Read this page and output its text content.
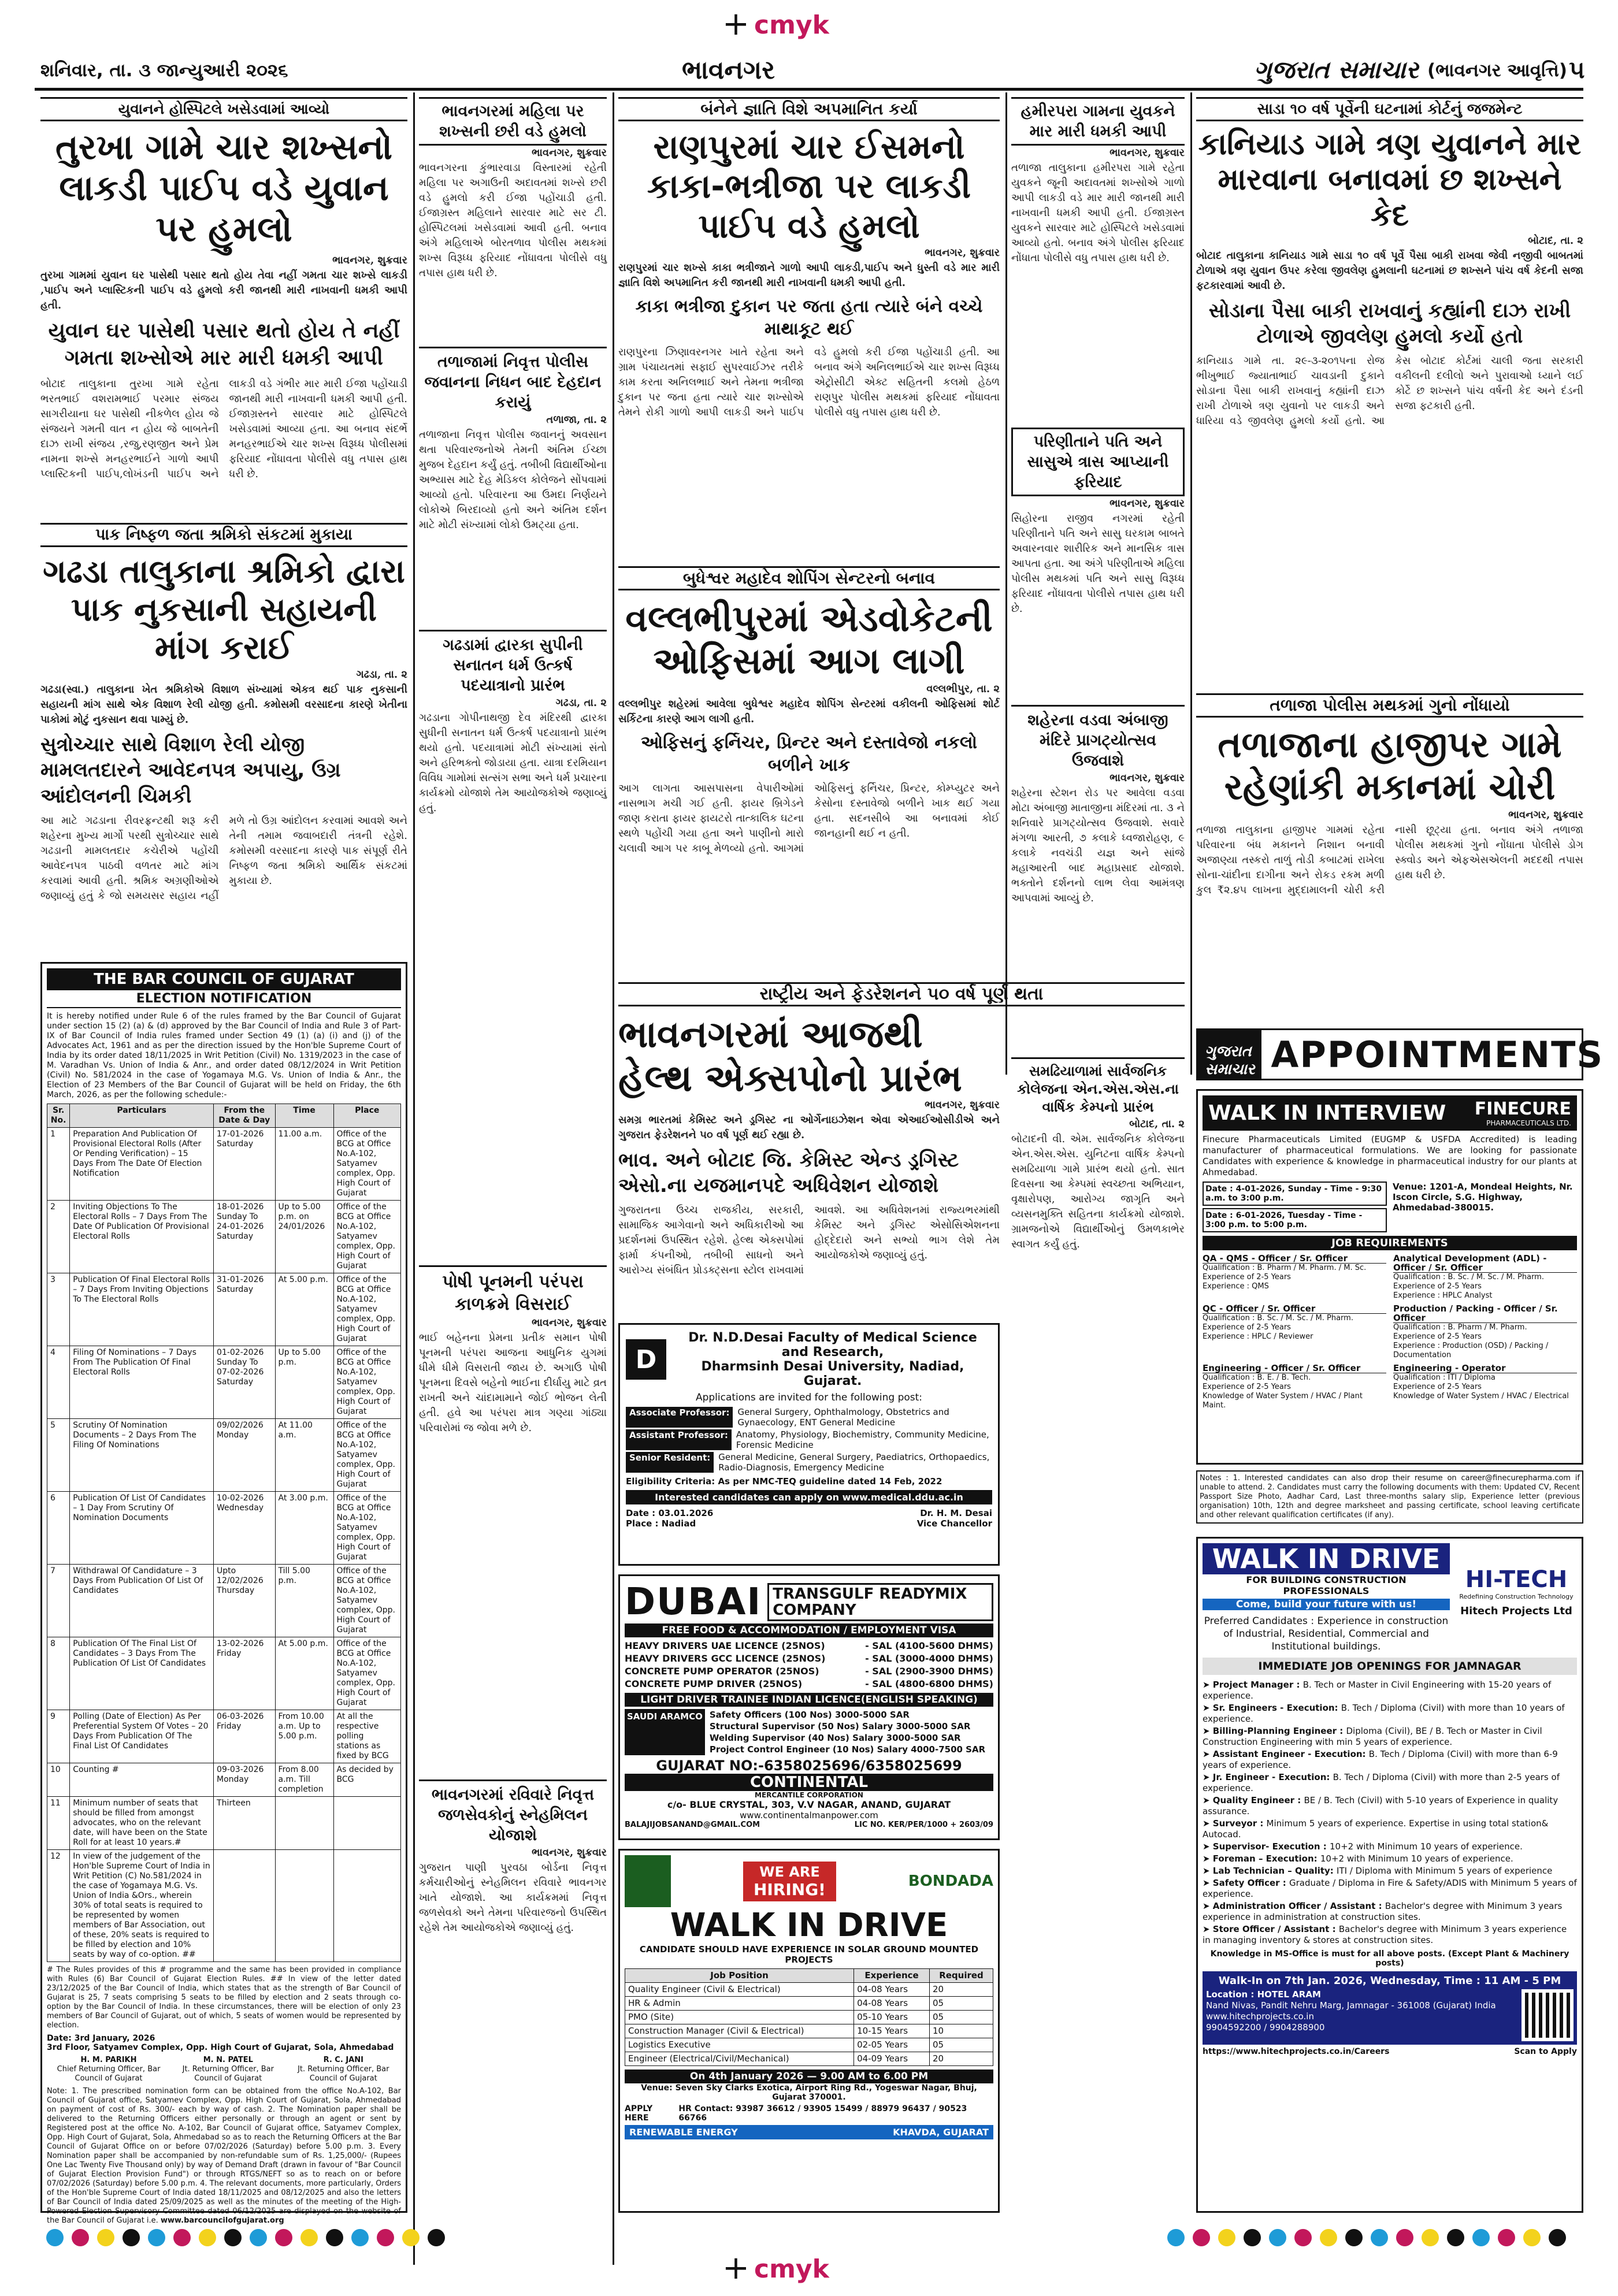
+ cmyk
શનિવાર, તા. ૩ જાન્યુઆરી ૨૦૨૬	ભાવનગર	ગુજરાત સમાચાર (ભાવનગર આવૃત્તિ) ૫
યુવાનને હોસ્પિટલે ખસેડવામાં આવ્યો
તુરખા ગામે ચાર શખ્સનો લાકડી પાઈપ વડે યુવાન પર હુમલો
ભાવનગર, શુક્રવાર
તુરખા ગામમાં યુવાન ઘર પાસેથી પસાર થતો હોય તેવા નહીં ગમતા ચાર શખ્સે લાકડી ,પાઈપ અને પ્લાસ્ટિકની પાઈપ વડે હુમલો કરી જાનથી મારી નાખવાની ધમકી આપી હતી.
યુવાન ઘર પાસેથી પસાર થતો હોય તે નહીં ગમતા શખ્સોએ માર મારી ધમકી આપી
બોટાદ તાલુકાના તુરખા ગામે રહેતા ભરતભાઈ વશરામભાઈ પરમાર સંજય સાગરીયાના ઘર પાસેથી નીકળેલ હોય જે સંજયને ગમતી વાત ન હોય જે બાબતેની દાઝ રાખી સંજય ,રજુ,રણજીત અને પ્રેમ નામના શખ્સે મનહરભાઈને ગાળો આપી પ્લાસ્ટિકની પાઈપ,લોખંડની પાઈપ અને લાકડી વડે ગંભીર માર મારી ઈજા પહોંચાડી જાનથી મારી નાખવાની ધમકી આપી હતી. ઈજાગ્રસ્તને સારવાર માટે હોસ્પિટલે ખસેડવામાં આવ્યા હતા. આ બનાવ સંદર્ભે મનહરભાઈએ ચાર શખ્સ વિરૂધ્ધ પોલીસમાં ફરિયાદ નોંધાવતા પોલીસે વધુ તપાસ હાથ ધરી છે.
પાક નિષ્ફળ જતા શ્રમિકો સંકટમાં મુકાયા
ગઢડા તાલુકાના શ્રમિકો દ્વારા પાક નુકસાની સહાયની માંગ કરાઈ
ગઢડા, તા. ૨
ગઢડા(સ્વા.) તાલુકાના ખેત શ્રમિકોએ વિશાળ સંખ્યામાં એકત્ર થઈ પાક નુકસાની સહાયની માંગ સાથે એક વિશાળ રેલી યોજી હતી. કમોસમી વરસાદના કારણે ખેતીના પાકોમાં મોટું નુકસાન થવા પામ્યું છે.
સુત્રોચ્ચાર સાથે વિશાળ રેલી યોજી મામલતદારને આવેદનપત્ર અપાયુ, ઉગ્ર આંદોલનની ચિમકી
આ માટે ગઢડાના રીવરફ્રન્ટથી શરૂ કરી શહેરના મુખ્ય માર્ગો પરથી સુત્રોચ્ચાર સાથે ગઢડાની મામલતદાર કચેરીએ પહોંચી આવેદનપત્ર પાઠવી વળતર માટે માંગ કરવામાં આવી હતી. શ્રમિક અગ્રણીઓએ જણાવ્યું હતું કે જો સમયસર સહાય નહીં મળે તો ઉગ્ર આંદોલન કરવામાં આવશે અને તેની તમામ જવાબદારી તંત્રની રહેશે. કમોસમી વરસાદના કારણે પાક સંપૂર્ણ રીતે નિષ્ફળ જતા શ્રમિકો આર્થિક સંકટમાં મુકાયા છે.
THE BAR COUNCIL OF GUJARAT
ELECTION NOTIFICATION
It is hereby notified under Rule 6 of the rules framed by the Bar Council of Gujarat under section 15 (2) (a) & (d) approved by the Bar Council of India and Rule 3 of Part-IX of Bar Council of India rules framed under Section 49 (1) (a) (i) and (j) of the Advocates Act, 1961 and as per the direction issued by the Hon'ble Supreme Court of India by its order dated 18/11/2025 in Writ Petition (Civil) No. 1319/2023 in the case of M. Varadhan Vs. Union of India & Anr., and order dated 08/12/2024 in Writ Petition (Civil) No. 581/2024 in the case of Yogamaya M.G. Vs. Union of India & Anr., the Election of 23 Members of the Bar Council of Gujarat will be held on Friday, the 6th March, 2026, as per the following schedule:-
Sr. No.	Particulars	From the Date & Day	Time	Place
1	Preparation And Publication Of Provisional Electoral Rolls (After Or Pending Verification) – 15 Days From The Date Of Election Notification	17-01-2026 Saturday	11.00 a.m.	Office of the BCG at Office No.A-102, Satyamev complex, Opp. High Court of Gujarat
2	Inviting Objections To The Electoral Rolls – 7 Days From The Date Of Publication Of Provisional Electoral Rolls	18-01-2026 Sunday To 24-01-2026 Saturday	Up to 5.00 p.m. on 24/01/2026	Office of the BCG at Office No.A-102, Satyamev complex, Opp. High Court of Gujarat
3	Publication Of Final Electoral Rolls – 7 Days From Inviting Objections To The Electoral Rolls	31-01-2026 Saturday	At 5.00 p.m.	Office of the BCG at Office No.A-102, Satyamev complex, Opp. High Court of Gujarat
4	Filing Of Nominations – 7 Days From The Publication Of Final Electoral Rolls	01-02-2026 Sunday To 07-02-2026 Saturday	Up to 5.00 p.m.	Office of the BCG at Office No.A-102, Satyamev complex, Opp. High Court of Gujarat
5	Scrutiny Of Nomination Documents – 2 Days From The Filing Of Nominations	09/02/2026 Monday	At 11.00 a.m.	Office of the BCG at Office No.A-102, Satyamev complex, Opp. High Court of Gujarat
6	Publication Of List Of Candidates – 1 Day From Scrutiny Of Nomination Documents	10-02-2026 Wednesday	At 3.00 p.m.	Office of the BCG at Office No.A-102, Satyamev complex, Opp. High Court of Gujarat
7	Withdrawal Of Candidature – 3 Days From Publication Of List Of Candidates	Upto 12/02/2026 Thursday	Till 5.00 p.m.	Office of the BCG at Office No.A-102, Satyamev complex, Opp. High Court of Gujarat
8	Publication Of The Final List Of Candidates – 3 Days From The Publication Of List Of Candidates	13-02-2026 Friday	At 5.00 p.m.	Office of the BCG at Office No.A-102, Satyamev complex, Opp. High Court of Gujarat
9	Polling (Date of Election) As Per Preferential System Of Votes – 20 Days From Publication Of The Final List Of Candidates	06-03-2026 Friday	From 10.00 a.m. Up to 5.00 p.m.	At all the respective polling stations as fixed by BCG
10	Counting #	09-03-2026 Monday	From 8.00 a.m. Till completion	As decided by BCG
11	Minimum number of seats that should be filled from amongst advocates, who on the relevant date, will have been on the State Roll for at least 10 years.#	Thirteen		
12	In view of the judgement of the Hon'ble Supreme Court of India in Writ Petition (C) No.581/2024 in the case of Yogamaya M.G. Vs. Union of India &Ors., wherein 30% of total seats is required to be represented by women members of Bar Association, out of these, 20% seats is required to be filled by election and 10% seats by way of co-option. ##			
# The Rules provides of this # programme and the same has been provided in compliance with Rules (6) Bar Council of Gujarat Election Rules. ## In view of the letter dated 23/12/2025 of the Bar Council of India, which states that as the strength of Bar Council of Gujarat is 25, 7 seats comprising 5 seats to be filled by election and 2 seats through co-option by the Bar Council of India. In these circumstances, there will be election of only 23 members of Bar Council of Gujarat, out of which, 5 seats of women would be represented by election.
Date: 3rd January, 2026
3rd Floor, Satyamev Complex, Opp. High Court of Gujarat, Sola, Ahmedabad
H. M. PARIKH
Chief Returning Officer, Bar Council of Gujarat
M. N. PATEL
Jt. Returning Officer, Bar Council of Gujarat
R. C. JANI
Jt. Returning Officer, Bar Council of Gujarat
Note: 1. The prescribed nomination form can be obtained from the office No.A-102, Bar Council of Gujarat office, Satyamev Complex, Opp. High Court of Gujarat, Sola, Ahmedabad on payment of cost of Rs. 300/- each by way of cash. 2. The Nomination paper shall be delivered to the Returning Officers either personally or through an agent or sent by Registered post at the office No. A-102, Bar Council of Gujarat office, Satyamev Complex, Opp. High Court of Gujarat, Sola, Ahmedabad so as to reach the Returning Officers at the Bar Council of Gujarat Office on or before 07/02/2026 (Saturday) before 5.00 p.m. 3. Every Nomination paper shall be accompanied by non-refundable sum of Rs. 1,25,000/- (Rupees One Lac Twenty Five Thousand only) by way of Demand Draft (drawn in favour of "Bar Council of Gujarat Election Provision Fund") or through RTGS/NEFT so as to reach on or before 07/02/2026 (Saturday) before 5.00 p.m. 4. The relevant documents, more particularly, Orders of the Hon'ble Supreme Court of India dated 18/11/2025 and 08/12/2025 and also the letters of Bar Council of India dated 25/09/2025 as well as the minutes of the meeting of the High-Powered Election Supervisory Committee dated 06/12/2025 are displayed on the website of the Bar Council of Gujarat i.e. www.barcouncilofgujarat.org
ભાવનગરમાં મહિલા પર શખ્સની છરી વડે હુમલો
ભાવનગર, શુક્રવાર
ભાવનગરના કુંભારવાડા વિસ્તારમાં રહેતી મહિલા પર અગાઉની અદાવતમાં શખ્સે છરી વડે હુમલો કરી ઈજા પહોંચાડી હતી. ઈજાગ્રસ્ત મહિલાને સારવાર માટે સર ટી. હોસ્પિટલમાં ખસેડવામાં આવી હતી. બનાવ અંગે મહિલાએ બોરતળાવ પોલીસ મથકમાં શખ્સ વિરૂધ્ધ ફરિયાદ નોંધાવતા પોલીસે વધુ તપાસ હાથ ધરી છે.
તળાજામાં નિવૃત્ત પોલીસ જવાનના નિધન બાદ દેહદાન કરાયું
તળાજા, તા. ૨
તળાજાના નિવૃત્ત પોલીસ જવાનનું અવસાન થતા પરિવારજનોએ તેમની અંતિમ ઈચ્છા મુજબ દેહદાન કર્યું હતું. તબીબી વિદ્યાર્થીઓના અભ્યાસ માટે દેહ મેડિકલ કોલેજને સોંપવામાં આવ્યો હતો. પરિવારના આ ઉમદા નિર્ણયને લોકોએ બિરદાવ્યો હતો અને અંતિમ દર્શન માટે મોટી સંખ્યામાં લોકો ઉમટ્યા હતા.
ગઢડામાં દ્વારકા સુપીની સનાતન ધર્મ ઉત્કર્ષ પદયાત્રાનો પ્રારંભ
ગઢડા, તા. ૨
ગઢડાના ગોપીનાથજી દેવ મંદિરથી દ્વારકા સુધીની સનાતન ધર્મ ઉત્કર્ષ પદયાત્રાનો પ્રારંભ થયો હતો. પદયાત્રામાં મોટી સંખ્યામાં સંતો અને હરિભક્તો જોડાયા હતા. યાત્રા દરમિયાન વિવિધ ગામોમાં સત્સંગ સભા અને ધર્મ પ્રચારના કાર્યક્રમો યોજાશે તેમ આયોજકોએ જણાવ્યું હતું.
પોષી પૂનમની પરંપરા કાળક્રમે વિસરાઈ
ભાવનગર, શુક્રવાર
ભાઈ બહેનના પ્રેમના પ્રતીક સમાન પોષી પૂનમની પરંપરા આજના આધુનિક યુગમાં ધીમે ધીમે વિસરાતી જાય છે. અગાઉ પોષી પૂનમના દિવસે બહેનો ભાઈના દીર્ઘાયુ માટે વ્રત રાખતી અને ચાંદામામાને જોઈ ભોજન લેતી હતી. હવે આ પરંપરા માત્ર ગણ્યા ગાંઠ્યા પરિવારોમાં જ જોવા મળે છે.
ભાવનગરમાં રવિવારે નિવૃત્ત જળસેવકોનું સ્નેહમિલન યોજાશે
ભાવનગર, શુક્રવાર
ગુજરાત પાણી પુરવઠા બોર્ડના નિવૃત્ત કર્મચારીઓનું સ્નેહમિલન રવિવારે ભાવનગર ખાતે યોજાશે. આ કાર્યક્રમમાં નિવૃત્ત જળસેવકો અને તેમના પરિવારજનો ઉપસ્થિત રહેશે તેમ આયોજકોએ જણાવ્યું હતું.
બંનેને જ્ઞાતિ વિશે અપમાનિત કર્યા
રાણપુરમાં ચાર ઈસમનો કાકા-ભત્રીજા પર લાકડી પાઈપ વડે હુમલો
ભાવનગર, શુક્રવાર
રાણપુરમાં ચાર શખ્સે કાકા ભત્રીજાને ગાળો આપી લાકડી,પાઈપ અને ધુસ્તી વડે માર મારી જ્ઞાતિ વિશે અપમાનિત કરી જાનથી મારી નાખવાની ધમકી આપી હતી.
કાકા ભત્રીજા દુકાન પર જતા હતા ત્યારે બંને વચ્ચે માથાકૂટ થઈ
રાણપુરના ઝિણાવરનગર ખાતે રહેતા અને ગ્રામ પંચાયતમાં સફાઈ સુપરવાઈઝર તરીકે કામ કરતા અનિલભાઈ અને તેમના ભત્રીજા દુકાન પર જતા હતા ત્યારે ચાર શખ્સોએ તેમને રોકી ગાળો આપી લાકડી અને પાઈપ વડે હુમલો કરી ઈજા પહોંચાડી હતી. આ બનાવ અંગે અનિલભાઈએ ચાર શખ્સ વિરૂધ્ધ એટ્રોસીટી એક્ટ સહિતની કલમો હેઠળ રાણપુર પોલીસ મથકમાં ફરિયાદ નોંધાવતા પોલીસે વધુ તપાસ હાથ ધરી છે.
બુધેશ્વર મહાદેવ શોપિંગ સેન્ટરનો બનાવ
વલ્લભીપુરમાં એડવોકેટની ઓફિસમાં આગ લાગી
વલ્લભીપુર, તા. ૨
વલ્લભીપુર શહેરમાં આવેલા બુધેશ્વર મહાદેવ શોપિંગ સેન્ટરમાં વકીલની ઓફિસમાં શોર્ટ સર્કિટના કારણે આગ લાગી હતી.
ઓફિસનું ફર્નિચર, પ્રિન્ટર અને દસ્તાવેજો નકલો બળીને ખાક
આગ લાગતા આસપાસના વેપારીઓમાં નાસભાગ મચી ગઈ હતી. ફાયર બ્રિગેડને જાણ કરાતા ફાયર ફાયટરો તાત્કાલિક ઘટના સ્થળે પહોંચી ગયા હતા અને પાણીનો મારો ચલાવી આગ પર કાબૂ મેળવ્યો હતો. આગમાં ઓફિસનું ફર્નિચર, પ્રિન્ટર, કોમ્પ્યુટર અને કેસોના દસ્તાવેજો બળીને ખાક થઈ ગયા હતા. સદનસીબે આ બનાવમાં કોઈ જાનહાની થઈ ન હતી.
હમીરપરા ગામના યુવકને માર મારી ધમકી આપી
ભાવનગર, શુક્રવાર
તળાજા તાલુકાના હમીરપરા ગામે રહેતા યુવકને જૂની અદાવતમાં શખ્સોએ ગાળો આપી લાકડી વડે માર મારી જાનથી મારી નાખવાની ધમકી આપી હતી. ઈજાગ્રસ્ત યુવકને સારવાર માટે હોસ્પિટલે ખસેડવામાં આવ્યો હતો. બનાવ અંગે પોલીસ ફરિયાદ નોંધાતા પોલીસે વધુ તપાસ હાથ ધરી છે.
પરિણીતાને પતિ અને સાસુએ ત્રાસ આપ્યાની ફરિયાદ
ભાવનગર, શુક્રવાર
સિહોરના રાજીવ નગરમાં રહેતી પરિણીતાને પતિ અને સાસુ ઘરકામ બાબતે અવારનવાર શારીરિક અને માનસિક ત્રાસ આપતા હતા. આ અંગે પરિણીતાએ મહિલા પોલીસ મથકમાં પતિ અને સાસુ વિરૂધ્ધ ફરિયાદ નોંધાવતા પોલીસે તપાસ હાથ ધરી છે.
શહેરના વડવા અંબાજી મંદિરે પ્રાગટ્યોત્સવ ઉજવાશે
ભાવનગર, શુક્રવાર
શહેરના સ્ટેશન રોડ પર આવેલા વડવા મોટા અંબાજી માતાજીના મંદિરમાં તા. ૩ ને શનિવારે પ્રાગટ્યોત્સવ ઉજવાશે. સવારે મંગળા આરતી, ૭ કલાકે ધ્વજારોહણ, ૯ કલાકે નવચંડી યજ્ઞ અને સાંજે મહાઆરતી બાદ મહાપ્રસાદ યોજાશે. ભક્તોને દર્શનનો લાભ લેવા આમંત્રણ આપવામાં આવ્યું છે.
રાષ્ટ્રીય અને ફેડરેશનને ૫૦ વર્ષ પૂર્ણ થતા
ભાવનગરમાં આજથી હેલ્થ એક્સપોનો પ્રારંભ
ભાવનગર, શુક્રવાર
સમગ્ર ભારતમાં કેમિસ્ટ અને ડ્રગિસ્ટ ના ઓર્ગેનાઇઝેશન એવા એઆઈઓસીડીએ અને ગુજરાત ફેડરેશનને ૫૦ વર્ષ પૂર્ણ થઈ રહ્યા છે.
ભાવ. અને બોટાદ જિ. કેમિસ્ટ એન્ડ ડ્રગિસ્ટ એસો.ના યજમાનપદે અધિવેશન યોજાશે
ગુજરાતના ઉચ્ચ રાજકીય, સરકારી, સામાજિક આગેવાનો અને અધિકારીઓ આ પ્રદર્શનમાં ઉપસ્થિત રહેશે. હેલ્થ એક્સપોમાં ફાર્મા કંપનીઓ, તબીબી સાધનો અને આરોગ્ય સંબંધિત પ્રોડક્ટ્સના સ્ટોલ રાખવામાં આવશે. આ અધિવેશનમાં રાજ્યભરમાંથી કેમિસ્ટ અને ડ્રગિસ્ટ એસોસિએશનના હોદ્દેદારો અને સભ્યો ભાગ લેશે તેમ આયોજકોએ જણાવ્યું હતું.
સમઢિયાળામાં સાર્વજનિક કોલેજના એન.એસ.એસ.ના વાર્ષિક કેમ્પનો પ્રારંભ
બોટાદ, તા. ૨
બોટાદની વી. એમ. સાર્વજનિક કોલેજના એન.એસ.એસ. યુનિટના વાર્ષિક કેમ્પનો સમઢિયાળા ગામે પ્રારંભ થયો હતો. સાત દિવસના આ કેમ્પમાં સ્વચ્છતા અભિયાન, વૃક્ષારોપણ, આરોગ્ય જાગૃતિ અને વ્યસનમુક્તિ સહિતના કાર્યક્રમો યોજાશે. ગ્રામજનોએ વિદ્યાર્થીઓનું ઉમળકાભેર સ્વાગત કર્યું હતું.
D
Dr. N.D.Desai Faculty of Medical Science and Research,
Dharmsinh Desai University, Nadiad, Gujarat.
Applications are invited for the following post:
Associate Professor: General Surgery, Ophthalmology, Obstetrics and Gynaecology, ENT General Medicine
Assistant Professor: Anatomy, Physiology, Biochemistry, Community Medicine, Forensic Medicine
Senior Resident: General Medicine, General Surgery, Paediatrics, Orthopaedics, Radio-Diagnosis, Emergency Medicine
Eligibility Criteria: As per NMC-TEQ guideline dated 14 Feb, 2022
Interested candidates can apply on www.medical.ddu.ac.in
Date : 03.01.2026
Place : Nadiad
Dr. H. M. Desai
Vice Chancellor
DUBAI TRANSGULF READYMIX COMPANY
FREE FOOD & ACCOMMODATION / EMPLOYMENT VISA
HEAVY DRIVERS UAE LICENCE (25NOS)	- SAL (4100-5600 DHMS)
HEAVY DRIVERS GCC LICENCE (25NOS)	- SAL (3000-4000 DHMS)
CONCRETE PUMP OPERATOR (25NOS)	- SAL (2900-3900 DHMS)
CONCRETE PUMP DRIVER (25NOS)	- SAL (4800-6800 DHMS)
LIGHT DRIVER TRAINEE INDIAN LICENCE(ENGLISH SPEAKING)
SAUDI ARAMCO Safety Officers (100 Nos) 3000-5000 SAR
Structural Supervisor (50 Nos) Salary 3000-5000 SAR
Welding Supervisor (40 Nos) Salary 3000-5000 SAR
Project Control Engineer (10 Nos) Salary 4000-7500 SAR
GUJARAT NO:-6358025696/6358025699
CONTINENTAL
MERCANTILE CORPORATION
c/o- BLUE CRYSTAL, 303, V.V NAGAR, ANAND, GUJARAT
www.continentalmanpower.com
BALAJIJOBSANAND@GMAIL.COM	LIC NO. KER/PER/1000 + 2603/09
WE ARE
HIRING!	BONDADA
WALK IN DRIVE
CANDIDATE SHOULD HAVE EXPERIENCE IN SOLAR GROUND MOUNTED PROJECTS
Job Position	Experience	Required
Quality Engineer (Civil & Electrical)	04-08 Years	20
HR & Admin	04-08 Years	05
PMO (Site)	05-10 Years	05
Construction Manager (Civil & Electrical)	10-15 Years	10
Logistics Executive	02-05 Years	05
Engineer (Electrical/Civil/Mechanical)	04-09 Years	20
On 4th January 2026 — 9.00 AM to 6.00 PM
Venue: Seven Sky Clarks Exotica, Airport Ring Rd., Yogeswar Nagar, Bhuj, Gujarat 370001.
APPLY HERE
HR Contact: 93987 36612 / 93905 15499 / 88979 96437 / 90523 66766
RENEWABLE ENERGY	KHAVDA, GUJARAT
સાડા ૧૦ વર્ષ પૂર્વેની ઘટનામાં કોર્ટનું જજમેન્ટ
કાનિયાડ ગામે ત્રણ યુવાનને માર મારવાના બનાવમાં છ શખ્સને કેદ
બોટાદ, તા. ૨
બોટાદ તાલુકાના કાનિયાડ ગામે સાડા ૧૦ વર્ષ પૂર્વે પૈસા બાકી રાખવા જેવી નજીવી બાબતમાં ટોળાએ ત્રણ યુવાન ઉપર કરેલા જીવલેણ હુમલાની ઘટનામાં છ શખ્સને પાંચ વર્ષ કેદની સજા ફટકારવામાં આવી છે.
સોડાના પૈસા બાકી રાખવાનું કહ્યાંની દાઝ રાખી ટોળાએ જીવલેણ હુમલો કર્યો હતો
કાનિયાડ ગામે તા. ૨૯-૩-૨૦૧૫ના રોજ ભીખુભાઈ જ્યાતાભાઈ ચાવડાની દુકાને સોડાના પૈસા બાકી રાખવાનું કહ્યાંની દાઝ રાખી ટોળાએ ત્રણ યુવાનો પર લાકડી અને ધારિયા વડે જીવલેણ હુમલો કર્યો હતો. આ કેસ બોટાદ કોર્ટમાં ચાલી જતા સરકારી વકીલની દલીલો અને પુરાવાઓ ધ્યાને લઈ કોર્ટે છ શખ્સને પાંચ વર્ષની કેદ અને દંડની સજા ફટકારી હતી.
તળાજા પોલીસ મથકમાં ગુનો નોંધાયો
તળાજાના હાજીપર ગામે રહેણાંકી મકાનમાં ચોરી
ભાવનગર, શુક્રવાર
તળાજા તાલુકાના હાજીપર ગામમાં રહેતા પરિવારના બંધ મકાનને નિશાન બનાવી અજાણ્યા તસ્કરો તાળું તોડી કબાટમાં રાખેલા સોના-ચાંદીના દાગીના અને રોકડ રકમ મળી કુલ ₹૨.૪૫ લાખના મુદ્દામાલની ચોરી કરી નાસી છૂટ્યા હતા. બનાવ અંગે તળાજા પોલીસ મથકમાં ગુનો નોંધાતા પોલીસે ડોગ સ્ક્વોડ અને એફએસએલની મદદથી તપાસ હાથ ધરી છે.
ગુજરાત સમાચાર APPOINTMENTS
WALK IN INTERVIEW FINECURE
PHARMACEUTICALS LTD.
Finecure Pharmaceuticals Limited (EUGMP & USFDA Accredited) is leading manufacturer of pharmaceutical formulations. We are looking for passionate Candidates with experience & knowledge in pharmaceutical industry for our plants at Ahmedabad.
Date : 4-01-2026, Sunday - Time - 9:30 a.m. to 3:00 p.m.
Date : 6-01-2026, Tuesday - Time - 3:00 p.m. to 5:00 p.m.
Venue: 1201-A, Mondeal Heights, Nr. Iscon Circle, S.G. Highway, Ahmedabad-380015.
JOB REQUIREMENTS
QA - QMS - Officer / Sr. Officer
Qualification : B. Pharm / M. Pharm. / M. Sc.
Experience of 2-5 Years
Experience : QMS
Analytical Development (ADL) - Officer / Sr. Officer
Qualification : B. Sc. / M. Sc. / M. Pharm.
Experience of 2-5 Years
Experience : HPLC Analyst
QC - Officer / Sr. Officer
Qualification : B. Sc. / M. Sc. / M. Pharm.
Experience of 2-5 Years
Experience : HPLC / Reviewer
Production / Packing - Officer / Sr. Officer
Qualification : B. Pharm / M. Pharm.
Experience of 2-5 Years
Experience : Production (OSD) / Packing / Documentation
Engineering - Officer / Sr. Officer
Qualification : B. E. / B. Tech.
Experience of 2-5 Years
Knowledge of Water System / HVAC / Plant Maint.
Engineering - Operator
Qualification : ITI / Diploma
Experience of 2-5 Years
Knowledge of Water System / HVAC / Electrical
Notes : 1. Interested candidates can also drop their resume on career@finecurepharma.com if unable to attend. 2. Candidates must carry the following documents with them: Updated CV, Recent Passport Size Photo, Aadhar Card, Last three-months salary slip, Experience letter (previous organisation) 10th, 12th and degree marksheet and passing certificate, school leaving certificate and other relevant qualification certificates (if any).
WALK IN DRIVE
FOR BUILDING CONSTRUCTION PROFESSIONALS
Come, build your future with us!
Preferred Candidates : Experience in construction of Industrial, Residential, Commercial and Institutional buildings.
HI-TECH
Redefining Construction Technology
Hitech Projects Ltd
IMMEDIATE JOB OPENINGS FOR JAMNAGAR
➤ Project Manager : B. Tech or Master in Civil Engineering with 15-20 years of experience.
➤ Sr. Engineers - Execution: B. Tech / Diploma (Civil) with more than 10 years of experience.
➤ Billing-Planning Engineer : Diploma (Civil), BE / B. Tech or Master in Civil Construction Engineering with min 5 years of experience.
➤ Assistant Engineer - Execution: B. Tech / Diploma (Civil) with more than 6-9 years of experience.
➤ Jr. Engineer - Execution: B. Tech / Diploma (Civil) with more than 2-5 years of experience.
➤ Quality Engineer : BE / B. Tech (Civil) with 5-10 years of Experience in quality assurance.
➤ Surveyor : Minimum 5 years of experience. Expertise in using total station& Autocad.
➤ Supervisor- Execution : 10+2 with Minimum 10 years of experience.
➤ Foreman – Execution: 10+2 with Minimum 10 years of experience.
➤ Lab Technician – Quality: ITI / Diploma with Minimum 5 years of experience
➤ Safety Officer : Graduate / Diploma in Fire & Safety/ADIS with Minimum 5 years of experience.
➤ Administration Officer / Assistant : Bachelor's degree with Minimum 3 years experience in administration at construction sites.
➤ Store Officer / Assistant : Bachelor's degree with Minimum 3 years experience in managing inventory & stores at construction sites.
Knowledge in MS-Office is must for all above posts. (Except Plant & Machinery posts)
Walk-In on 7th Jan. 2026, Wednesday, Time : 11 AM - 5 PM
Location : HOTEL ARAM
Nand Nivas, Pandit Nehru Marg, Jamnagar - 361008 (Gujarat) India
www.hitechprojects.co.in
9904592200 / 9904288900
https://www.hitechprojects.co.in/Careers	Scan to Apply
+ cmyk
